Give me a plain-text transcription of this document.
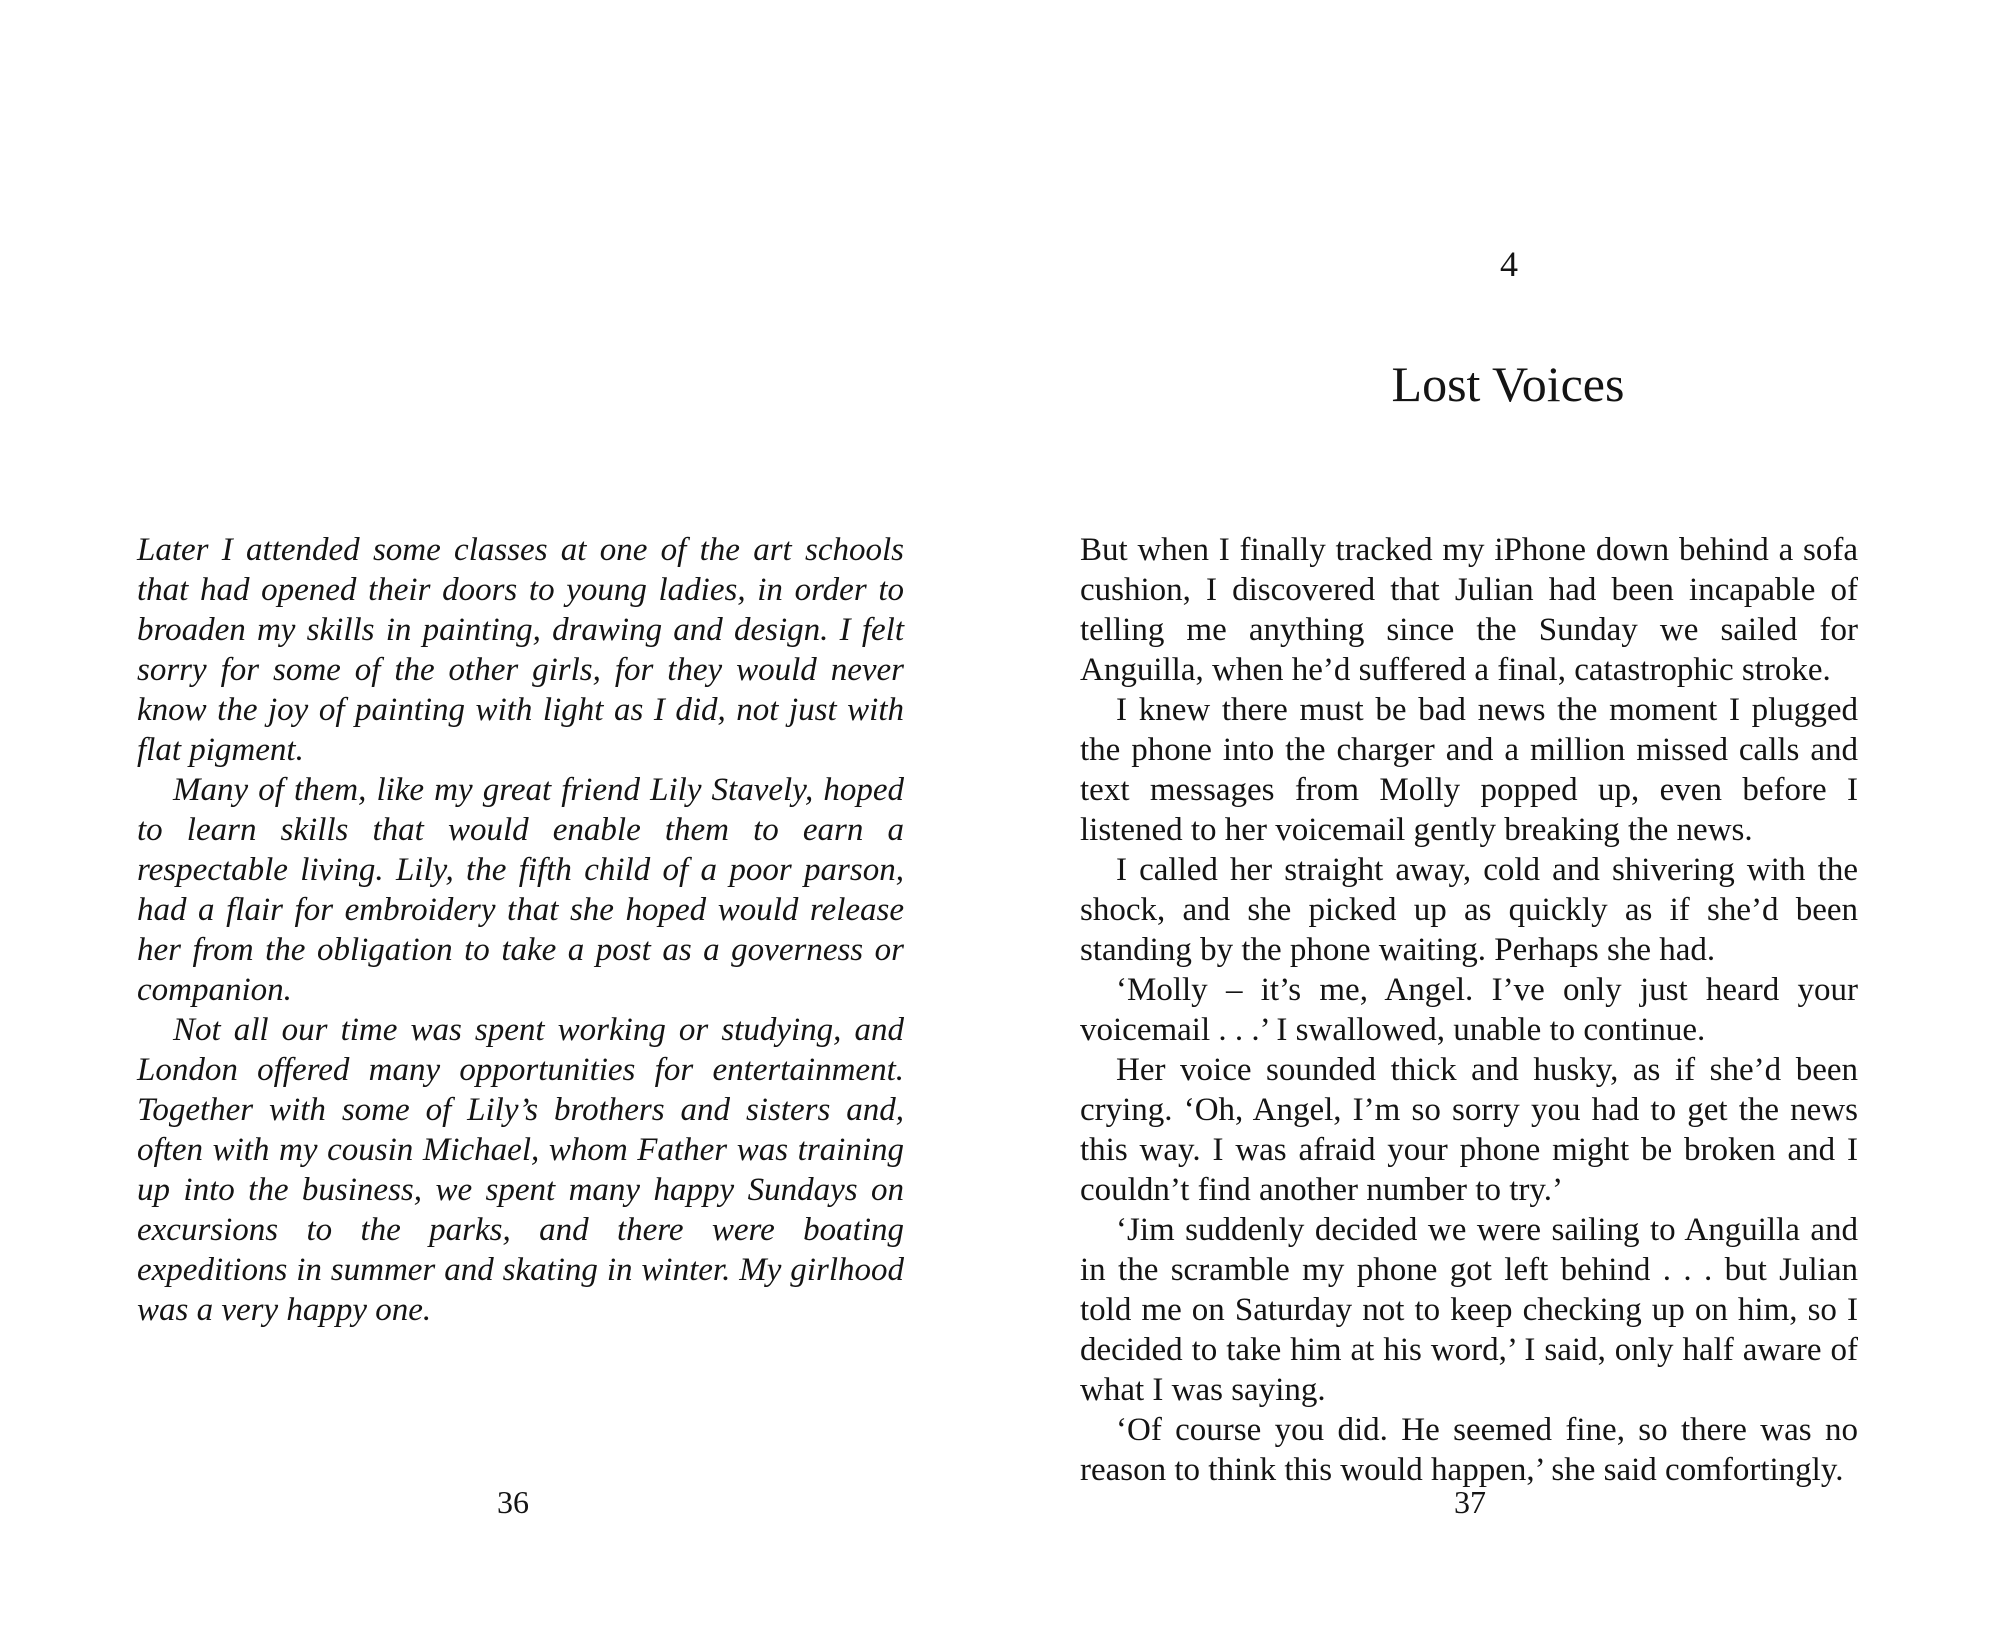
Later I attended some classes at one of the art schools that had opened their doors to young ladies, in order to broaden my skills in painting, drawing and design. I felt sorry for some of the other girls, for they would never know the joy of painting with light as I did, not just with flat pigment.

Many of them, like my great friend Lily Stavely, hoped to learn skills that would enable them to earn a respectable living. Lily, the fifth child of a poor parson, had a flair for embroidery that she hoped would release her from the obligation to take a post as a governess or companion.

Not all our time was spent working or studying, and London offered many opportunities for entertainment. Together with some of Lily’s brothers and sisters and, often with my cousin Michael, whom Father was training up into the business, we spent many happy Sundays on excursions to the parks, and there were boating expeditions in summer and skating in winter. My girlhood was a very happy one.

36
4
Lost Voices

But when I finally tracked my iPhone down behind a sofa cushion, I discovered that Julian had been incapable of telling me anything since the Sunday we sailed for Anguilla, when he’d suffered a final, catastrophic stroke.

I knew there must be bad news the moment I plugged the phone into the charger and a million missed calls and text messages from Molly popped up, even before I listened to her voicemail gently breaking the news.

I called her straight away, cold and shivering with the shock, and she picked up as quickly as if she’d been standing by the phone waiting. Perhaps she had.

‘Molly – it’s me, Angel. I’ve only just heard your voicemail . . .’ I swallowed, unable to continue.

Her voice sounded thick and husky, as if she’d been crying. ‘Oh, Angel, I’m so sorry you had to get the news this way. I was afraid your phone might be broken and I couldn’t find another number to try.’

‘Jim suddenly decided we were sailing to Anguilla and in the scramble my phone got left behind . . . but Julian told me on Saturday not to keep checking up on him, so I decided to take him at his word,’ I said, only half aware of what I was saying.

‘Of course you did. He seemed fine, so there was no reason to think this would happen,’ she said comfortingly.

37
